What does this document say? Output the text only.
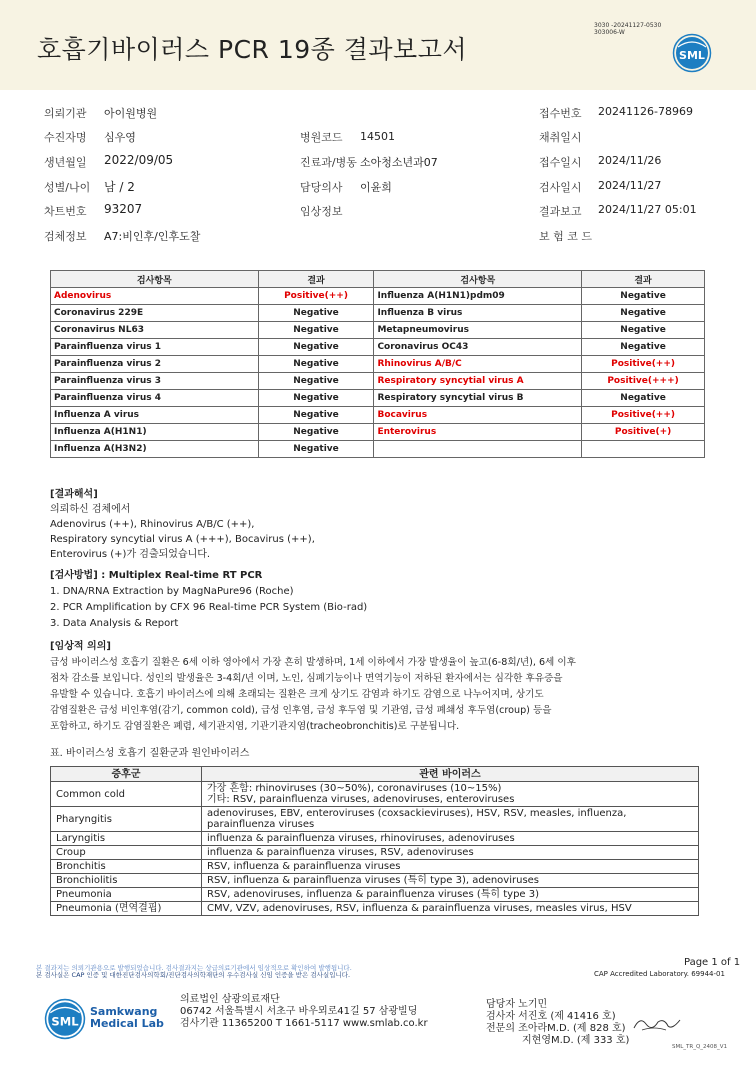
호흡기바이러스 PCR 19종 결과보고서
3030 -20241127-0530
303006-W
SML
의뢰기관 아이원병원	접수번호 20241126-78969
수진자명 심우영	병원코드 14501	채취일시
생년월일 2022/09/05	진료과/병동 소아청소년과07	접수일시 2024/11/26
성별/나이 남 / 2	담당의사 이윤희	검사일시 2024/11/27
차트번호 93207	임상정보	결과보고 2024/11/27 05:01
검체정보 A7:비인후/인후도찰	보 험 코 드
검사항목	결과	검사항목	결과
Adenovirus	Positive(++)	Influenza A(H1N1)pdm09	Negative
Coronavirus 229E	Negative	Influenza B virus	Negative
Coronavirus NL63	Negative	Metapneumovirus	Negative
Parainfluenza virus 1	Negative	Coronavirus OC43	Negative
Parainfluenza virus 2	Negative	Rhinovirus A/B/C	Positive(++)
Parainfluenza virus 3	Negative	Respiratory syncytial virus A	Positive(+++)
Parainfluenza virus 4	Negative	Respiratory syncytial virus B	Negative
Influenza A virus	Negative	Bocavirus	Positive(++)
Influenza A(H1N1)	Negative	Enterovirus	Positive(+)
Influenza A(H3N2)	Negative		
[결과해석]
의뢰하신 검체에서
Adenovirus (++), Rhinovirus A/B/C (++),
Respiratory syncytial virus A (+++), Bocavirus (++),
Enterovirus (+)가 검출되었습니다.
[검사방법] : Multiplex Real-time RT PCR
1. DNA/RNA Extraction by MagNaPure96 (Roche)
2. PCR Amplification by CFX 96 Real-time PCR System (Bio-rad)
3. Data Analysis & Report
[임상적 의의]
급성 바이러스성 호흡기 질환은 6세 이하 영아에서 가장 흔히 발생하며, 1세 이하에서 가장 발생율이 높고(6-8회/년), 6세 이후
점차 감소를 보입니다. 성인의 발생율은 3-4회/년 이며, 노인, 심폐기능이나 면역기능이 저하된 환자에서는 심각한 후유증을
유발할 수 있습니다. 호흡기 바이러스에 의해 초래되는 질환은 크게 상기도 감염과 하기도 감염으로 나누어지며, 상기도
감염질환은 급성 비인후염(감기, common cold), 급성 인후염, 급성 후두염 및 기관염, 급성 폐쇄성 후두염(croup) 등을
포함하고, 하기도 감염질환은 폐렴, 세기관지염, 기관기관지염(tracheobronchitis)로 구분됩니다.
표. 바이러스성 호흡기 질환군과 원인바이러스
증후군	관련 바이러스
Common cold	가장 흔함: rhinoviruses (30~50%), coronaviruses (10~15%)
기타: RSV, parainfluenza viruses, adenoviruses, enteroviruses

Pharyngitis	adenoviruses, EBV, enteroviruses (coxsackieviruses), HSV, RSV, measles, influenza,
parainfluenza viruses

Laryngitis	influenza & parainfluenza viruses, rhinoviruses, adenoviruses

Croup	influenza & parainfluenza viruses, RSV, adenoviruses

Bronchitis	RSV, influenza & parainfluenza viruses

Bronchiolitis	RSV, influenza & parainfluenza viruses (특히 type 3), adenoviruses

Pneumonia	RSV, adenoviruses, influenza & parainfluenza viruses (특히 type 3)

Pneumonia (면역결핍)	CMV, VZV, adenoviruses, RSV, influenza & parainfluenza viruses, measles virus, HSV
본 결과지는 의뢰기관용으로 발행되었습니다. 검사결과지는 상급의료기관에서 임상적으로 확인하여 발행됩니다.
본 검사실은 CAP 인증 및 대한진단검사의학회/진단검사의학재단의 우수검사실 신임 인증을 받은 검사실입니다.
Page 1 of 1
CAP Accredited Laboratory. 69944-01
SML
Samkwang
Medical Lab
의료법인 삼광의료재단
06742 서울특별시 서초구 바우뫼로41길 57 삼광빌딩
검사기관 11365200 T 1661-5117 www.smlab.co.kr
담당자 노기민
검사자 서진호 (제 41416 호)
전문의 조아라M.D. (제 828 호)
지현영M.D. (제 333 호)
SML_TR_Q_2408_V1
